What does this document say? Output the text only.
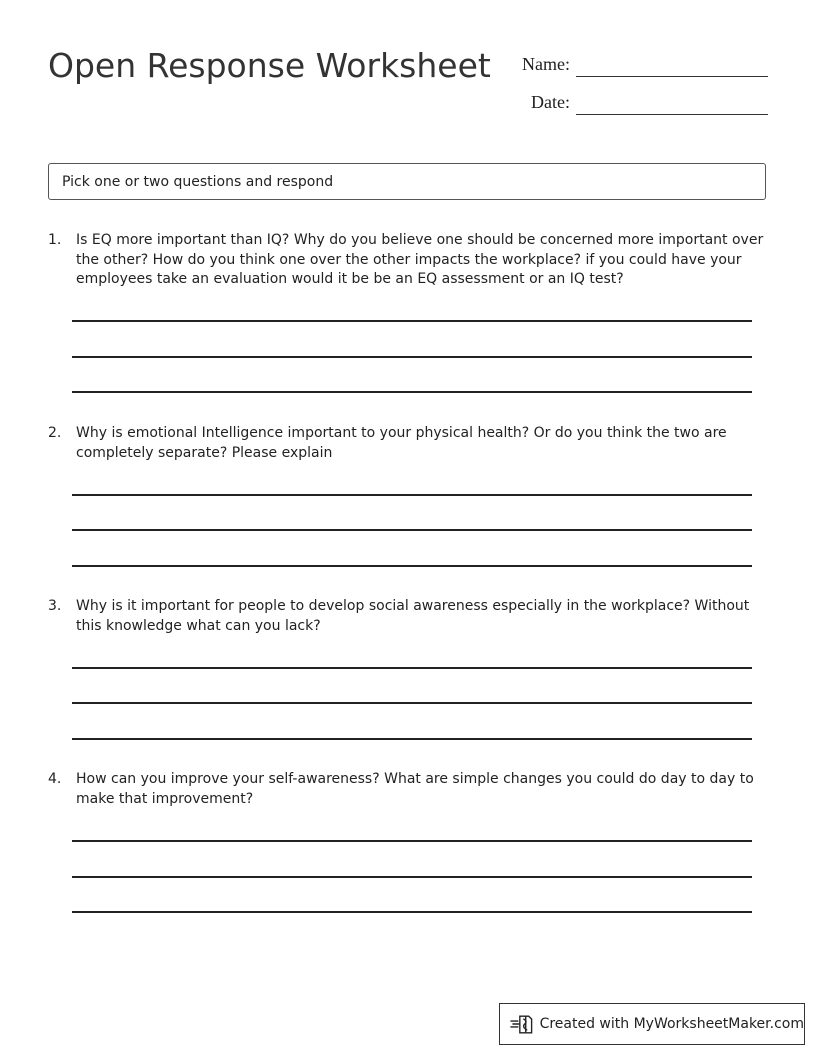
Open Response Worksheet Name:
Date:
Pick one or two questions and respond
1. Is EQ more important than IQ? Why do you believe one should be concerned more important over the other? How do you think one over the other impacts the workplace? if you could have your employees take an evaluation would it be be an EQ assessment or an IQ test?
2. Why is emotional Intelligence important to your physical health? Or do you think the two are completely separate? Please explain
3. Why is it important for people to develop social awareness especially in the workplace? Without this knowledge what can you lack?
4. How can you improve your self-awareness? What are simple changes you could do day to day to make that improvement?
Created with MyWorksheetMaker.com
